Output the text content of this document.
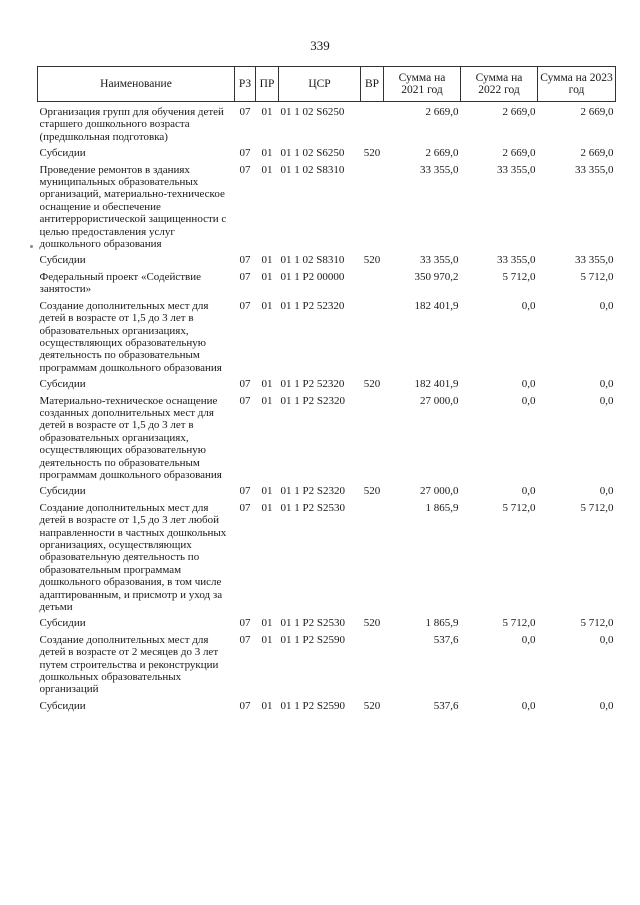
339
Наименование	РЗ	ПР	ЦСР	ВР	Сумма на 2021 год	Сумма на 2022 год	Сумма на 2023 год
Организация групп для обучения детей старшего дошкольного возраста (предшкольная подготовка)	07	01	01 1 02 S6250		2 669,0	2 669,0	2 669,0
Субсидии	07	01	01 1 02 S6250	520	2 669,0	2 669,0	2 669,0
Проведение ремонтов в зданиях муниципальных образовательных организаций, материально-техническое оснащение и обеспечение антитеррористической защищенности с целью предоставления услуг дошкольного образования	07	01	01 1 02 S8310		33 355,0	33 355,0	33 355,0
Субсидии	07	01	01 1 02 S8310	520	33 355,0	33 355,0	33 355,0
Федеральный проект «Содействие занятости»	07	01	01 1 P2 00000		350 970,2	5 712,0	5 712,0
Создание дополнительных мест для детей в возрасте от 1,5 до 3 лет в образовательных организациях, осуществляющих образовательную деятельность по образовательным программам дошкольного образования	07	01	01 1 P2 52320		182 401,9	0,0	0,0
Субсидии	07	01	01 1 P2 52320	520	182 401,9	0,0	0,0
Материально-техническое оснащение созданных дополнительных мест для детей в возрасте от 1,5 до 3 лет в образовательных организациях, осуществляющих образовательную деятельность по образовательным программам дошкольного образования	07	01	01 1 P2 S2320		27 000,0	0,0	0,0
Субсидии	07	01	01 1 P2 S2320	520	27 000,0	0,0	0,0
Создание дополнительных мест для детей в возрасте от 1,5 до 3 лет любой направленности в частных дошкольных организациях, осуществляющих образовательную деятельность по образовательным программам дошкольного образования, в том числе адаптированным, и присмотр и уход за детьми	07	01	01 1 P2 S2530		1 865,9	5 712,0	5 712,0
Субсидии	07	01	01 1 P2 S2530	520	1 865,9	5 712,0	5 712,0
Создание дополнительных мест для детей в возрасте от 2 месяцев до 3 лет путем строительства и реконструкции дошкольных образовательных организаций	07	01	01 1 P2 S2590		537,6	0,0	0,0
Субсидии	07	01	01 1 P2 S2590	520	537,6	0,0	0,0
